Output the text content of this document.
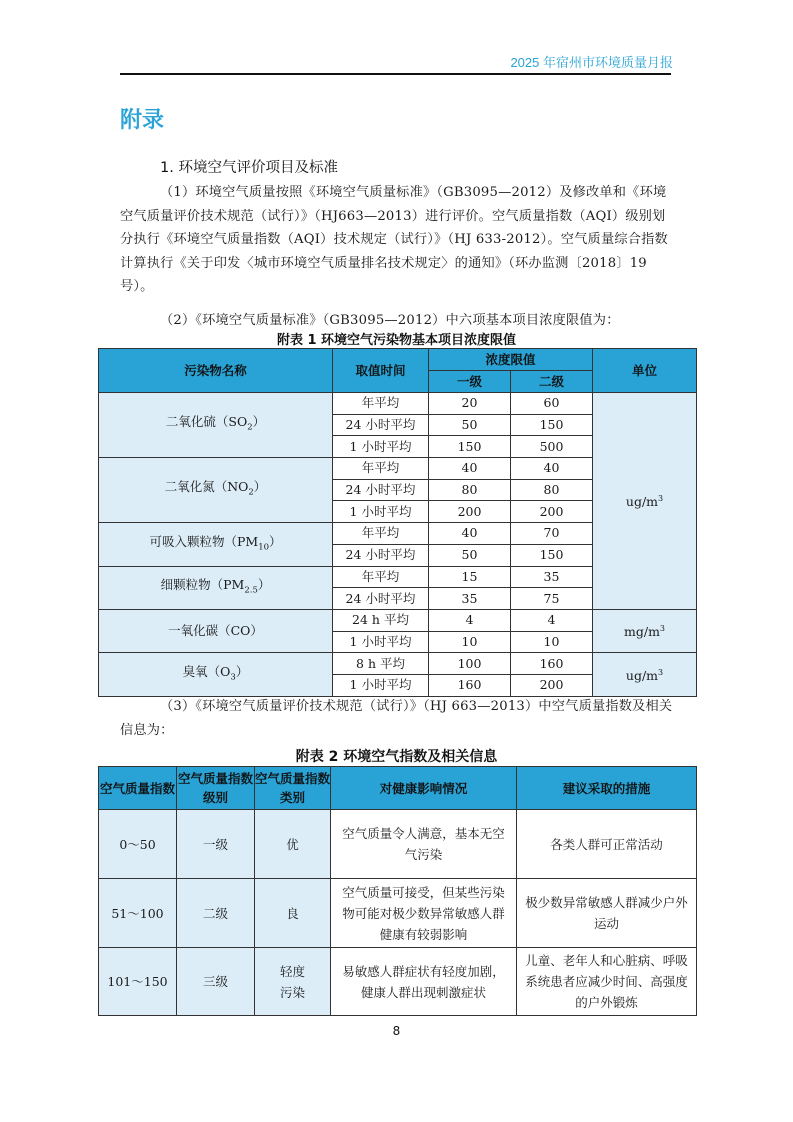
2025 年宿州市环境质量月报
附录
1. 环境空气评价项目及标准
（1）环境空气质量按照《环境空气质量标准》（GB3095—2012）及修改单和《环境空气质量评价技术规范（试行）》（HJ663—2013）进行评价。空气质量指数（AQI）级别划分执行《环境空气质量指数（AQI）技术规定（试行）》（HJ 633-2012）。空气质量综合指数计算执行《关于印发〈城市环境空气质量排名技术规定〉的通知》（环办监测〔2018〕19 号）。
（2）《环境空气质量标准》（GB3095—2012）中六项基本项目浓度限值为：
附表 1 环境空气污染物基本项目浓度限值
污染物名称	取值时间	浓度限值		单位
		一级	二级	
二氧化硫$(SO_2)$	年平均	20	60	$ug/m^3$
	24 小时平均	50	150	
	1 小时平均	150	500	
二氧化氮$(NO_2)$	年平均	40	40	
	24 小时平均	80	80	
	1 小时平均	200	200	
可吸入颗粒物$(PM_{10})$	年平均	40	70	
	24 小时平均	50	150	
细颗粒物$(PM_{2.5})$	年平均	15	35	
	24 小时平均	35	75	
一氧化碳（CO）	24 h 平均	4	4	$mg/m^3$
	1 小时平均	10	10	
臭氧$(O_3)$	8 h 平均	100	160	$ug/m^3$
	1 小时平均	160	200	
（3）《环境空气质量评价技术规范（试行）》（HJ 663—2013）中空气质量指数及相关信息为：
附表 2 环境空气指数及相关信息
空气质量指数	空气质量指数级别	空气质量指数类别	对健康影响情况	建议采取的措施
0～50	一级	优	空气质量令人满意，基本无空气污染	各类人群可正常活动
51～100	二级	良	空气质量可接受，但某些污染物可能对极少数异常敏感人群健康有较弱影响	极少数异常敏感人群减少户外运动
101～150	三级	轻度污染	易敏感人群症状有轻度加剧，健康人群出现刺激症状	儿童、老年人和心脏病、呼吸系统患者应减少时间、高强度的户外锻炼
8
